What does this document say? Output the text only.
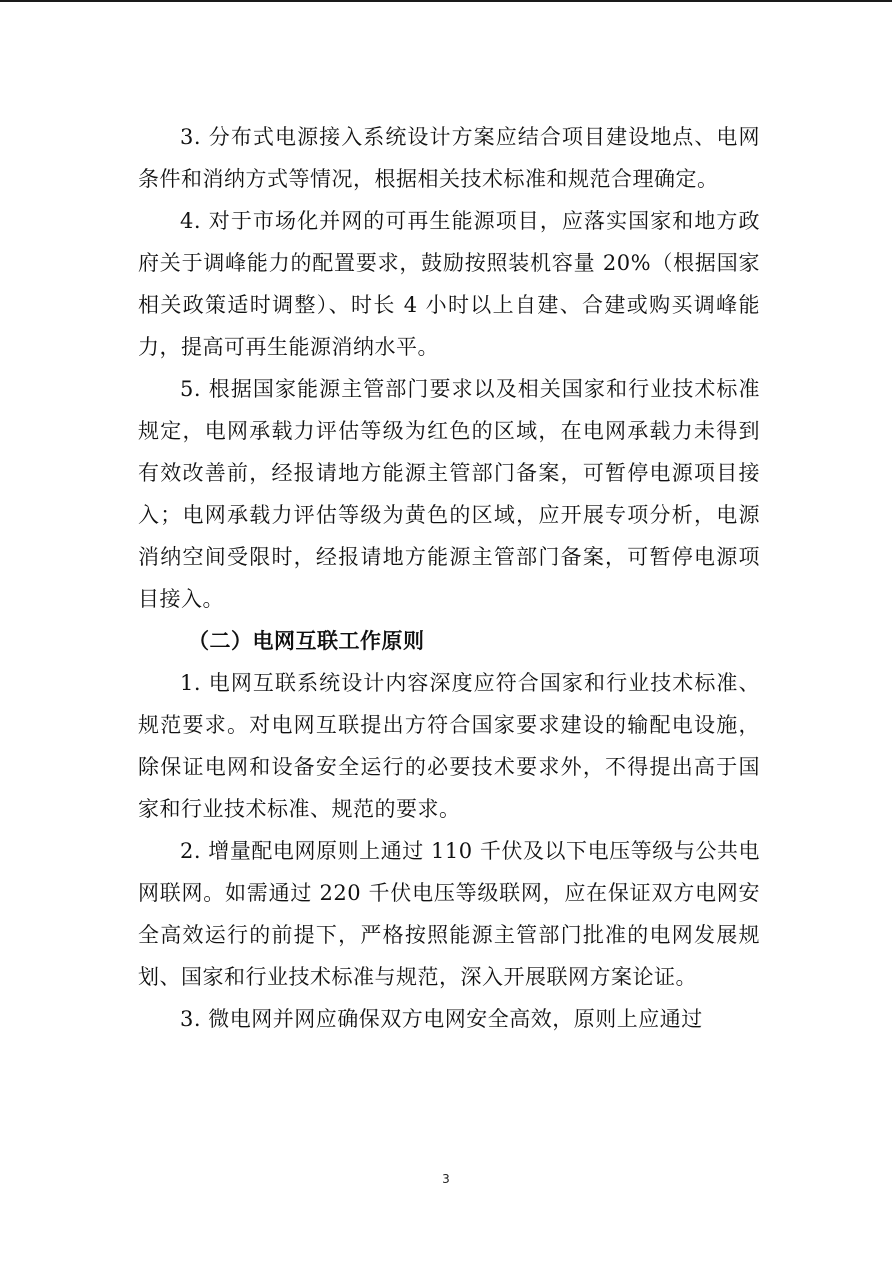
3. 分布式电源接入系统设计方案应结合项目建设地点、电网条件和消纳方式等情况，根据相关技术标准和规范合理确定。

4. 对于市场化并网的可再生能源项目，应落实国家和地方政府关于调峰能力的配置要求，鼓励按照装机容量 20%（根据国家相关政策适时调整）、时长 4 小时以上自建、合建或购买调峰能力，提高可再生能源消纳水平。

5. 根据国家能源主管部门要求以及相关国家和行业技术标准规定，电网承载力评估等级为红色的区域，在电网承载力未得到有效改善前，经报请地方能源主管部门备案，可暂停电源项目接入；电网承载力评估等级为黄色的区域，应开展专项分析，电源消纳空间受限时，经报请地方能源主管部门备案，可暂停电源项目接入。

（二）电网互联工作原则

1. 电网互联系统设计内容深度应符合国家和行业技术标准、规范要求。对电网互联提出方符合国家要求建设的输配电设施，除保证电网和设备安全运行的必要技术要求外，不得提出高于国家和行业技术标准、规范的要求。

2. 增量配电网原则上通过 110 千伏及以下电压等级与公共电网联网。如需通过 220 千伏电压等级联网，应在保证双方电网安全高效运行的前提下，严格按照能源主管部门批准的电网发展规划、国家和行业技术标准与规范，深入开展联网方案论证。

3. 微电网并网应确保双方电网安全高效，原则上应通过

3
